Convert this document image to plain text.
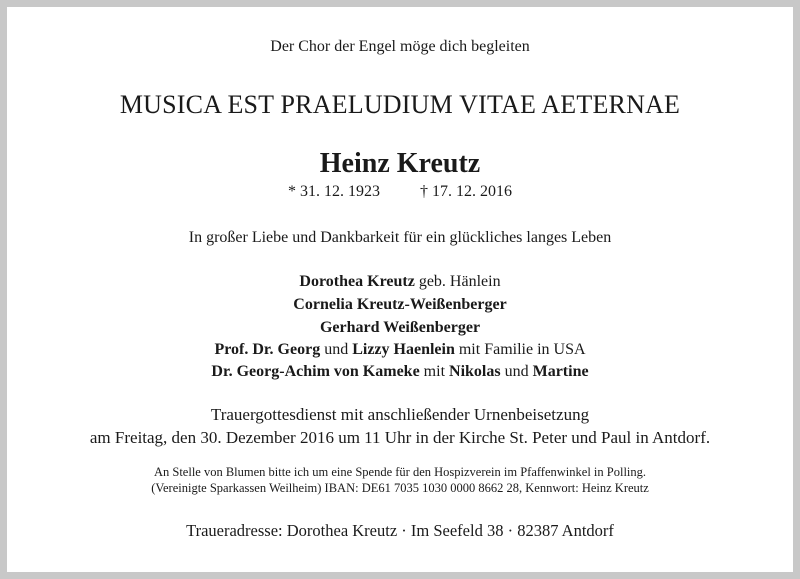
Der Chor der Engel möge dich begleiten
MUSICA EST PRAELUDIUM VITAE AETERNAE
Heinz Kreutz
* 31. 12. 1923	† 17. 12. 2016
In großer Liebe und Dankbarkeit für ein glückliches langes Leben
Dorothea Kreutz geb. Hänlein
Cornelia Kreutz-Weißenberger
Gerhard Weißenberger
Prof. Dr. Georg und Lizzy Haenlein mit Familie in USA
Dr. Georg-Achim von Kameke mit Nikolas und Martine
Trauergottesdienst mit anschließender Urnenbeisetzung
am Freitag, den 30. Dezember 2016 um 11 Uhr in der Kirche St. Peter und Paul in Antdorf.
An Stelle von Blumen bitte ich um eine Spende für den Hospizverein im Pfaffenwinkel in Polling.
(Vereinigte Sparkassen Weilheim) IBAN: DE61 7035 1030 0000 8662 28, Kennwort: Heinz Kreutz
Traueradresse: Dorothea Kreutz · Im Seefeld 38 · 82387 Antdorf
